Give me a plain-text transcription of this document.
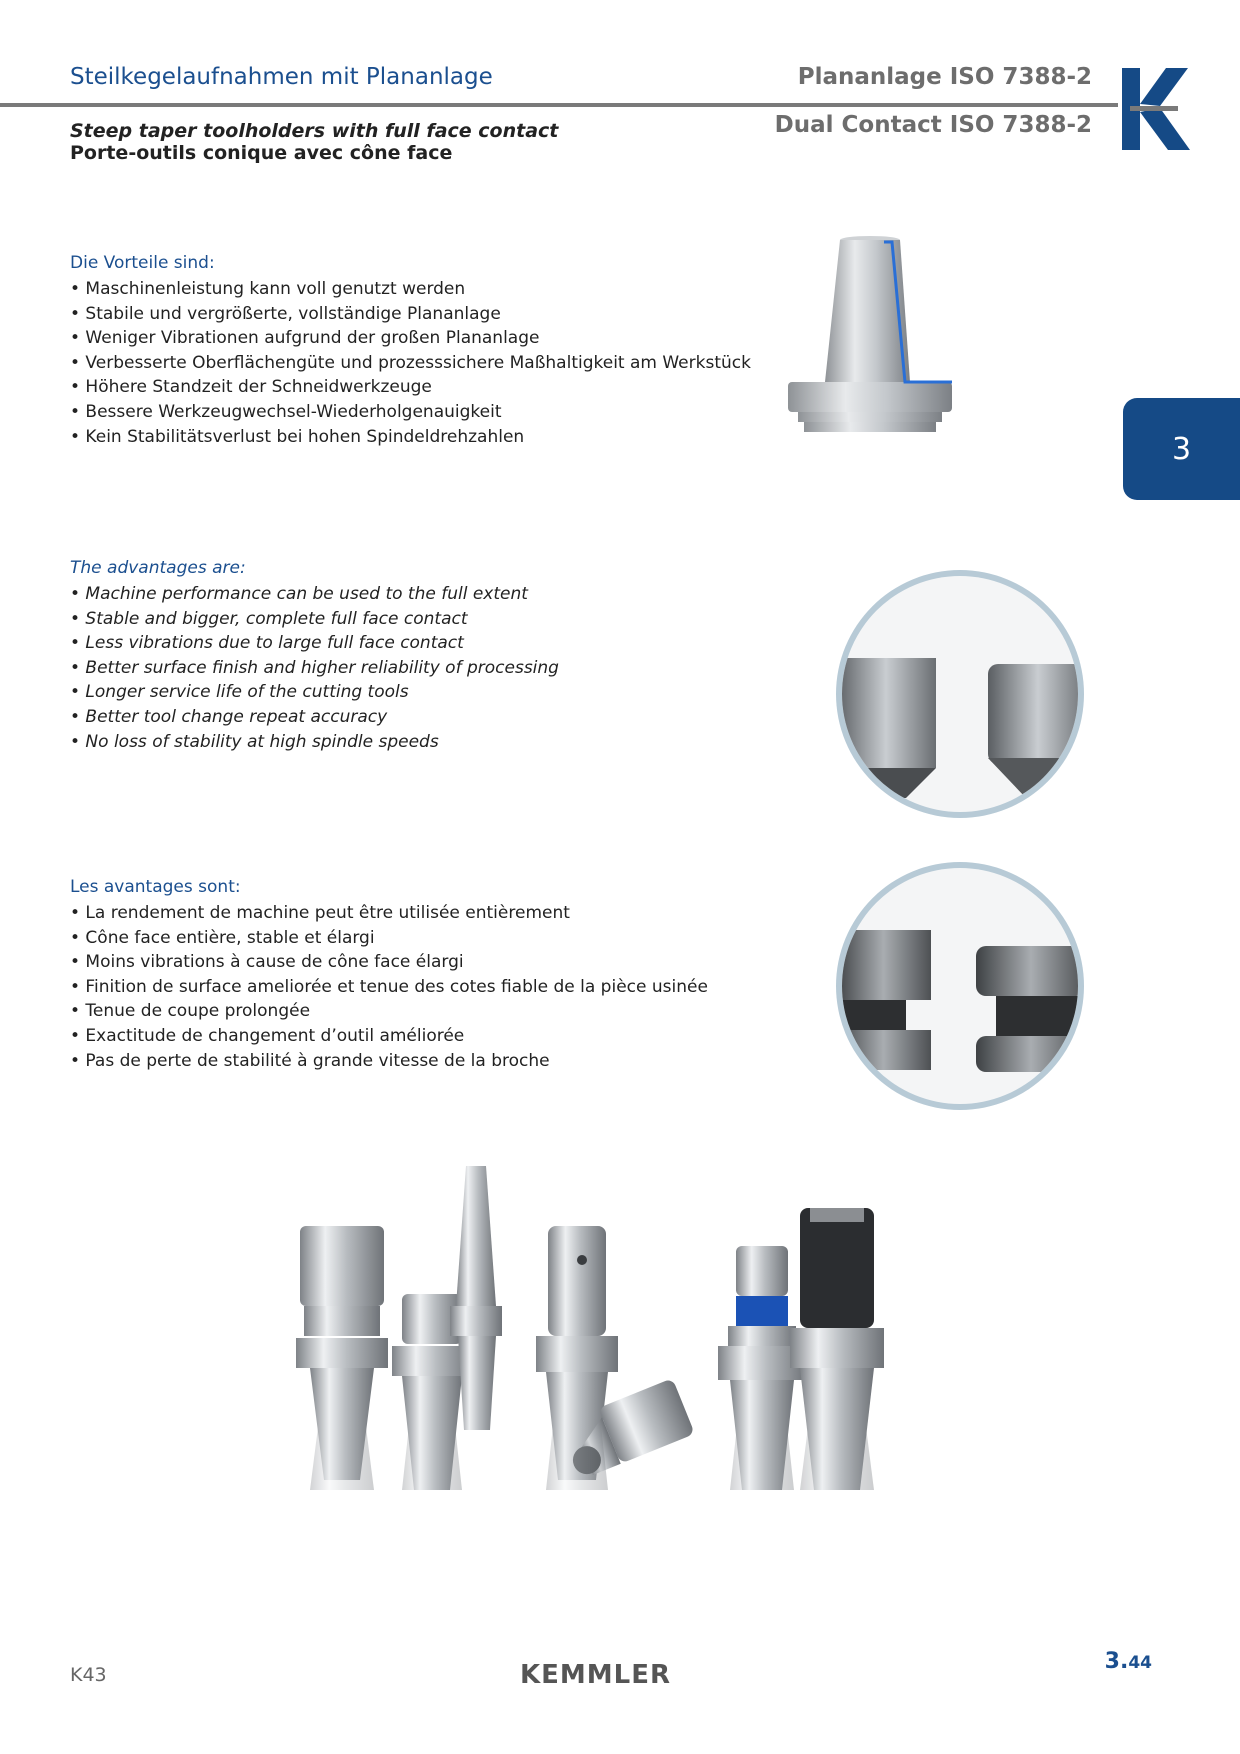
Steilkegelaufnahmen mit Plananlage	Plananlage ISO 7388-2
Dual Contact ISO 7388-2
Steep taper toolholders with full face contact
Porte-outils conique avec cône face
3
Die Vorteile sind:
• Maschinenleistung kann voll genutzt werden
• Stabile und vergrößerte, vollständige Plananlage
• Weniger Vibrationen aufgrund der großen Plananlage
• Verbesserte Oberflächengüte und prozesssichere Maßhaltigkeit am Werkstück
• Höhere Standzeit der Schneidwerkzeuge
• Bessere Werkzeugwechsel-Wiederholgenauigkeit
• Kein Stabilitätsverlust bei hohen Spindeldrehzahlen
The advantages are:
• Machine performance can be used to the full extent
• Stable and bigger, complete full face contact
• Less vibrations due to large full face contact
• Better surface finish and higher reliability of processing
• Longer service life of the cutting tools
• Better tool change repeat accuracy
• No loss of stability at high spindle speeds
Les avantages sont:
• La rendement de machine peut être utilisée entièrement
• Cône face entière, stable et élargi
• Moins vibrations à cause de cône face élargi
• Finition de surface ameliorée et tenue des cotes fiable de la pièce usinée
• Tenue de coupe prolongée
• Exactitude de changement d’outil améliorée
• Pas de perte de stabilité à grande vitesse de la broche
K43	KEMMLER	3.44
